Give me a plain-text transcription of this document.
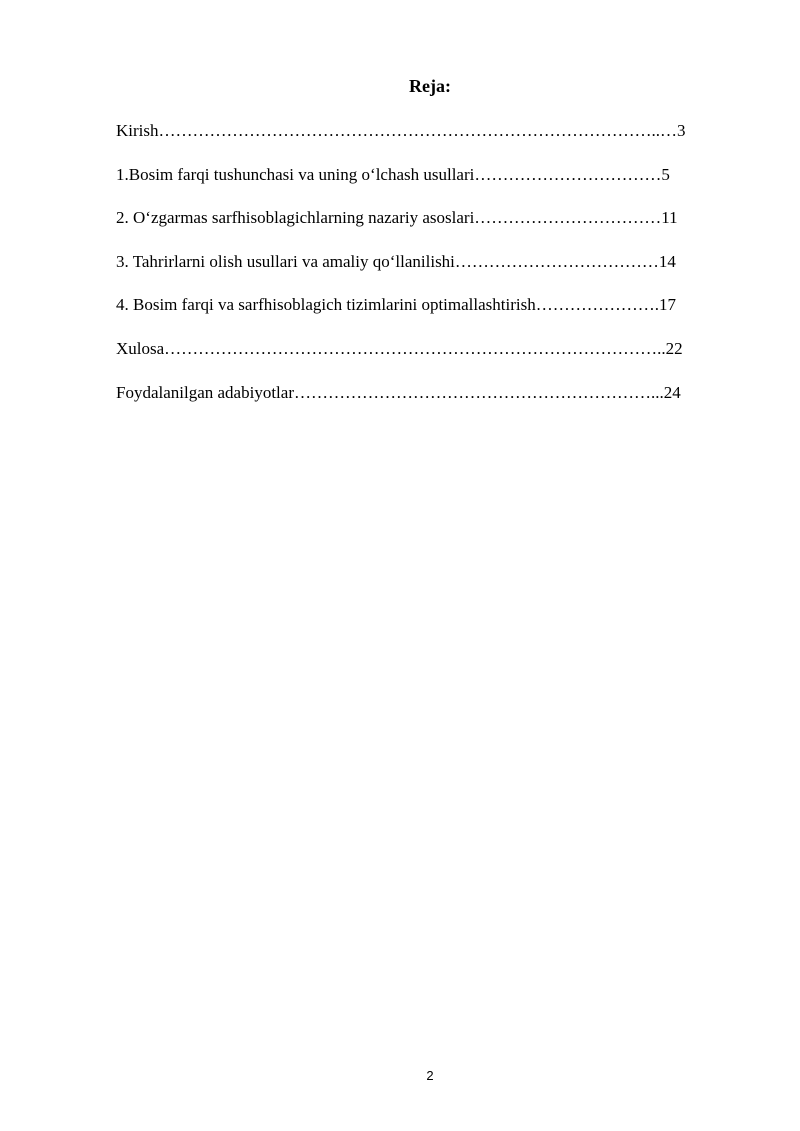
Reja:
Kirish……………………………………………………………………………..…3
1.Bosim farqi tushunchasi va uning oʻlchash usullari……………………………5
2. Oʻzgarmas sarfhisoblagichlarning nazariy asoslari……………………………11
3. Tahrirlarni olish usullari va amaliy qoʻllanilishi………………………………14
4. Bosim farqi va sarfhisoblagich tizimlarini optimallashtirish………………….17
Xulosa……………………………………………………………………………..22
Foydalanilgan adabiyotlar………………………………………………………...24
2
